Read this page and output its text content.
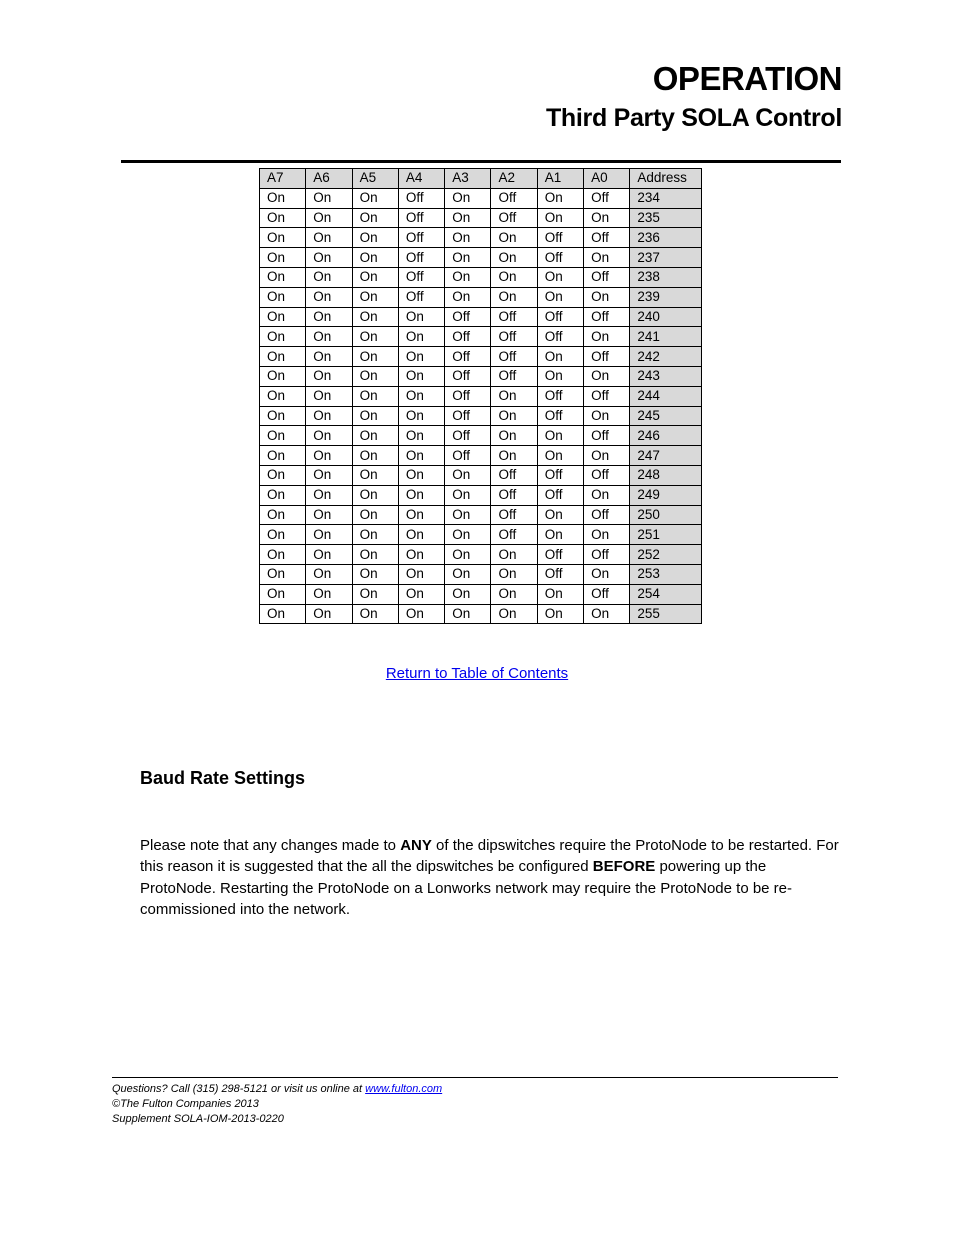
OPERATION
Third Party SOLA Control
A7	A6	A5	A4	A3	A2	A1	A0	Address
On	On	On	Off	On	Off	On	Off	234
On	On	On	Off	On	Off	On	On	235
On	On	On	Off	On	On	Off	Off	236
On	On	On	Off	On	On	Off	On	237
On	On	On	Off	On	On	On	Off	238
On	On	On	Off	On	On	On	On	239
On	On	On	On	Off	Off	Off	Off	240
On	On	On	On	Off	Off	Off	On	241
On	On	On	On	Off	Off	On	Off	242
On	On	On	On	Off	Off	On	On	243
On	On	On	On	Off	On	Off	Off	244
On	On	On	On	Off	On	Off	On	245
On	On	On	On	Off	On	On	Off	246
On	On	On	On	Off	On	On	On	247
On	On	On	On	On	Off	Off	Off	248
On	On	On	On	On	Off	Off	On	249
On	On	On	On	On	Off	On	Off	250
On	On	On	On	On	Off	On	On	251
On	On	On	On	On	On	Off	Off	252
On	On	On	On	On	On	Off	On	253
On	On	On	On	On	On	On	Off	254
On	On	On	On	On	On	On	On	255
Return to Table of Contents
Baud Rate Settings
Please note that any changes made to ANY of the dipswitches require the ProtoNode to be restarted. For this reason it is suggested that the all the dipswitches be configured BEFORE powering up the ProtoNode. Restarting the ProtoNode on a Lonworks network may require the ProtoNode to be re-commissioned into the network.
Questions? Call (315) 298-5121 or visit us online at www.fulton.com
©The Fulton Companies 2013
Supplement SOLA-IOM-2013-0220
